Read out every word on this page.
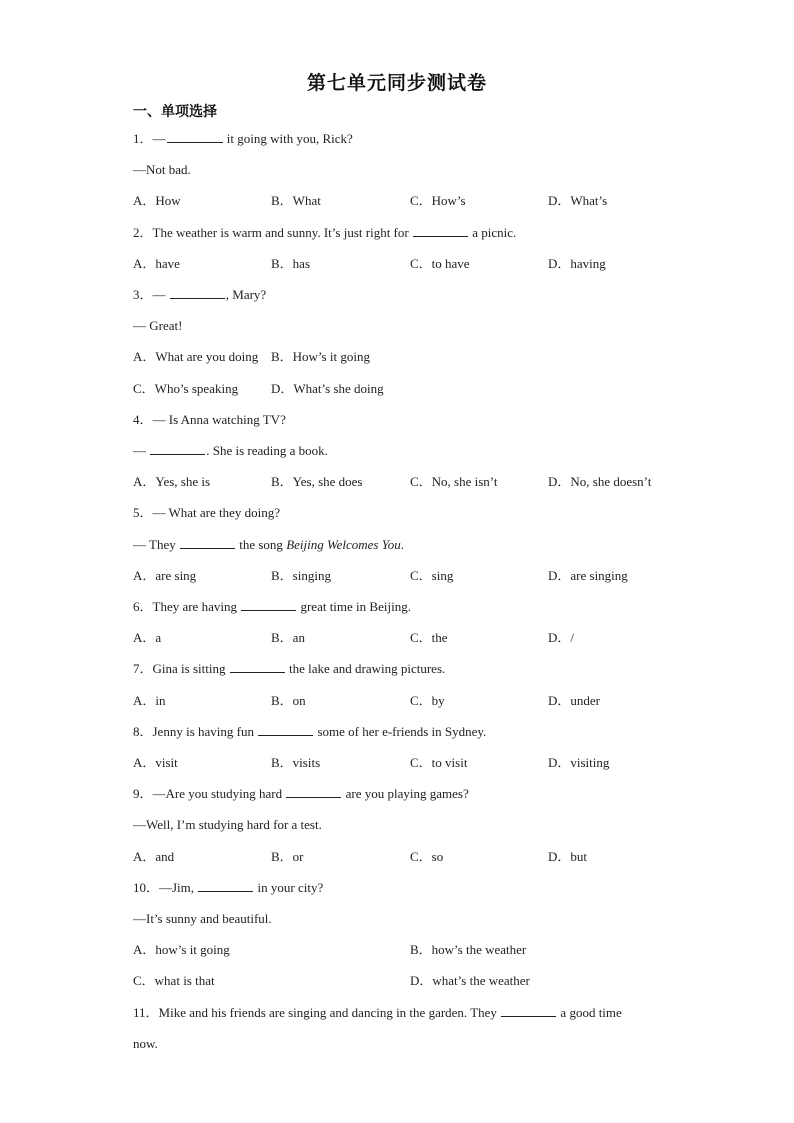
第七单元同步测试卷
一、单项选择
1．—	it going with you, Rick?
—Not bad.
A．How	B．What	C．How’s	D．What’s
2．The weather is warm and sunny. It’s just right for	a picnic.
A．have	B．has	C．to have	D．having
3．—	, Mary?
— Great!
A．What are you doing B．How’s it going
C．Who’s speaking	D．What’s she doing
4．— Is Anna watching TV?
—	. She is reading a book.
A．Yes, she is	B．Yes, she does	C．No, she isn’t	D．No, she doesn’t
5．— What are they doing?
— They	the song Beijing Welcomes You.
A．are sing	B．singing	C．sing	D．are singing
6．They are having	great time in Beijing.
A．a	B．an	C．the	D．/
7．Gina is sitting	the lake and drawing pictures.
A．in	B．on	C．by	D．under
8．Jenny is having fun	some of her e-friends in Sydney.
A．visit	B．visits	C．to visit	D．visiting
9．—Are you studying hard	are you playing games?
—Well, I’m studying hard for a test.
A．and	B．or	C．so	D．but
10．—Jim,	in your city?
—It’s sunny and beautiful.
A．how’s it going	B．how’s the weather
C．what is that	D．what’s the weather
11．Mike and his friends are singing and dancing in the garden. They	a good time
now.
